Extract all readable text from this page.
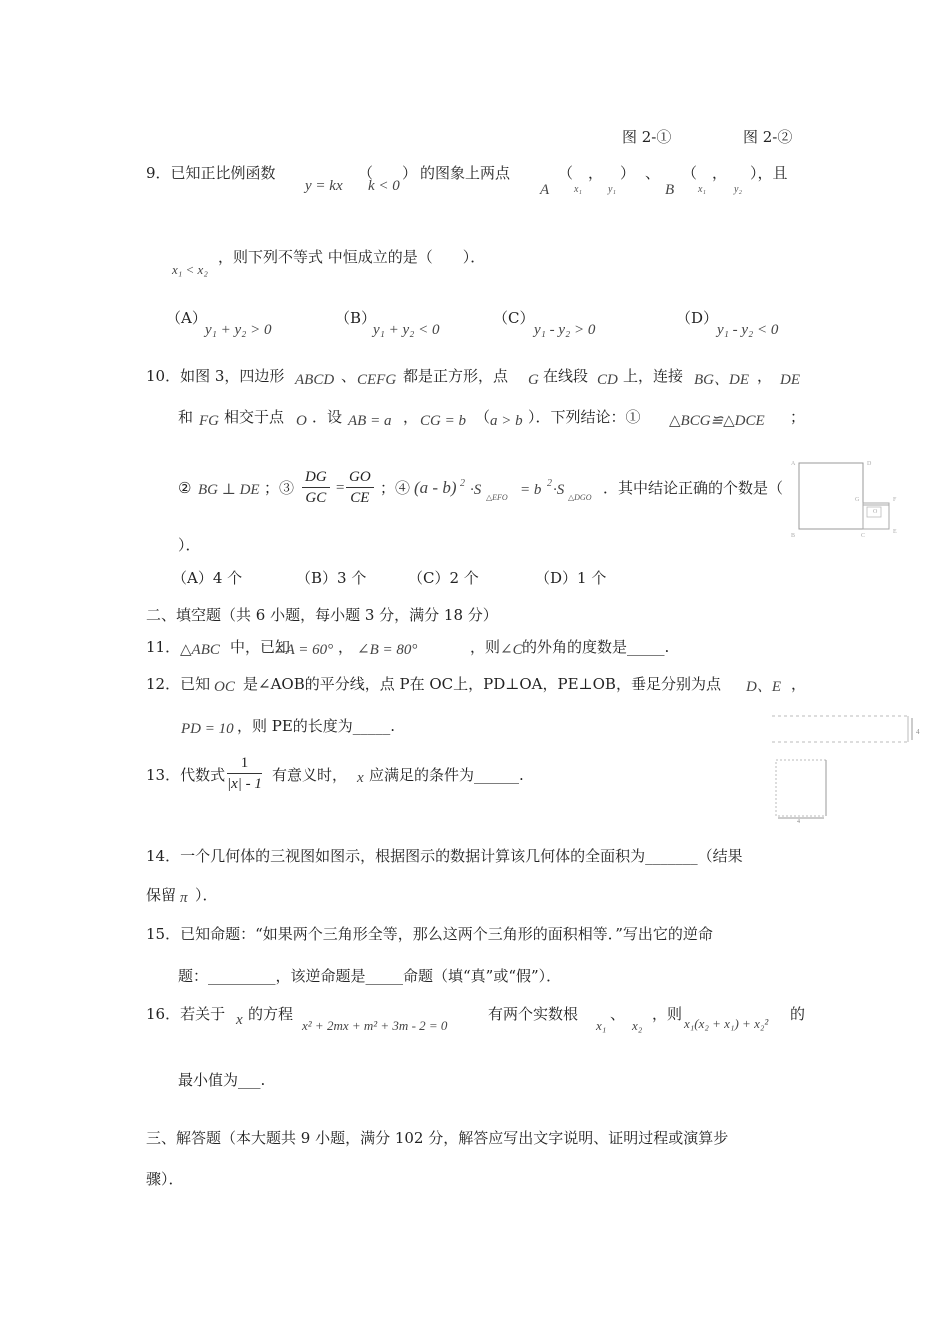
图 2-①	图 2-②
9．已知正比例函数
y = kx
（
k < 0
） 的图象上两点
A
（
x₁
，
y₁
） 、
B
（
x₁
，
y₂
），且
x₁ < x₂
，则下列不等式 中恒成立的是（　　）．
（A）
y₁ + y₂ > 0
（B）
y₁ + y₂ < 0
（C）
y₁ - y₂ > 0
（D）
y₁ - y₂ < 0
10．如图 3，四边形 ABCD 、 CEFG 都是正方形，点 G 在线段 CD 上，连接 BG、DE ， DE
和 FG 相交于点 O ．设 AB = a ， CG = b （ a > b ）．下列结论：① △BCG≌△DCE ；
② BG ⊥ DE ；③ $\frac{DG}{GC} = \frac{GO}{CE}$ ；④ (a - b) 2 ·S △EFO = b 2 ·S △DGO
．其中结论正确的个数是（
）．
A	D
G	F
O
B	C
E
（A）4 个	（B）3 个	（C）2 个	（D）1 个
二、填空题（共 6 小题，每小题 3 分，满分 18 分）
11． △ABC 中，已知
∠A = 60° ， ∠B = 80°	，则 ∠C 的外角的度数是_____.
12．已知 OC 是∠AOB的平分线，点 P在 OC上，PD⊥OA，PE⊥OB，垂足分别为点 D、E ，
PD = 10 ，则 PE的长度为_____.
13．代数式 $\frac{1}{|x| - 1}$ 有意义时， x 应满足的条件为______.
4
4
14．一个几何体的三视图如图示，根据图示的数据计算该几何体的全面积为_______（结果
保留 π ）．
15．已知命题：“如果两个三角形全等，那么这两个三角形的面积相等．”写出它的逆命
题：_________，该逆命题是_____命题（填“真”或“假”）．
16．若关于 x 的方程
x² + 2mx + m² + 3m - 2 = 0
有两个实数根
x₁
、
x₂
，则
x₁(x₂ + x₁) + x₂²
的
最小值为___.
三、解答题（本大题共 9 小题，满分 102 分，解答应写出文字说明、证明过程或演算步
骤）．
